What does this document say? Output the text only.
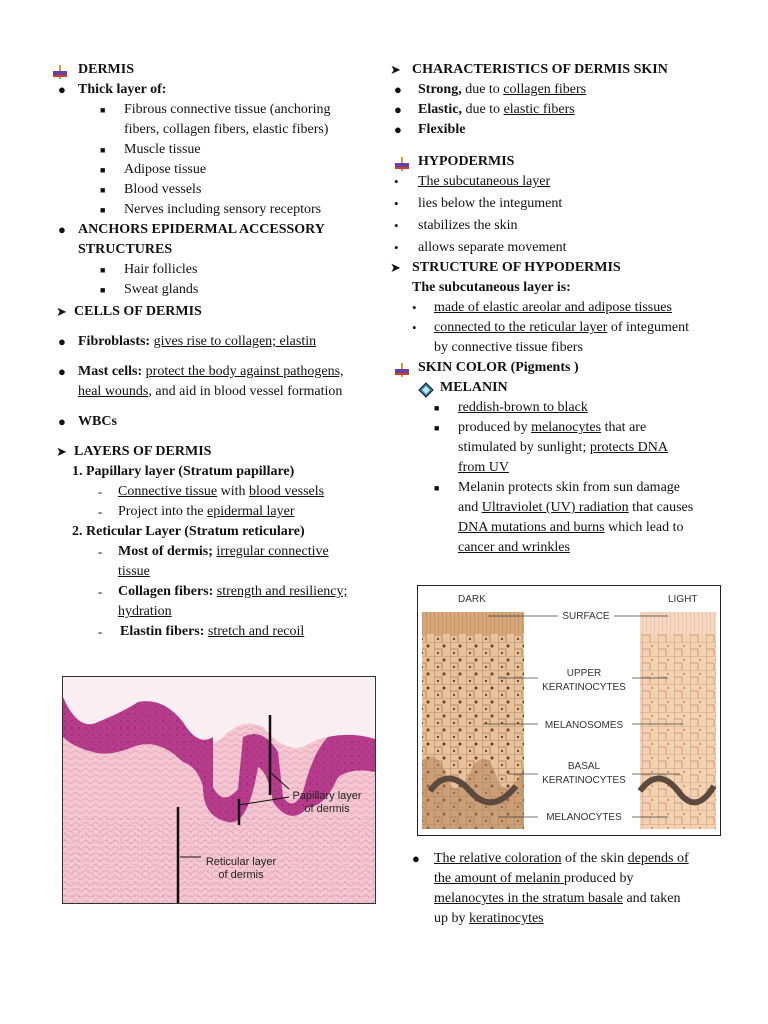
DERMIS
● Thick layer of:
■ Fibrous connective tissue (anchoring
fibers, collagen fibers, elastic fibers)
■ Muscle tissue
■ Adipose tissue
■ Blood vessels
■ Nerves including sensory receptors
● ANCHORS EPIDERMAL ACCESSORY
STRUCTURES
■ Hair follicles
■ Sweat glands
➤ CELLS OF DERMIS
● Fibroblasts: gives rise to collagen; elastin
● Mast cells: protect the body against pathogens,
heal wounds, and aid in blood vessel formation
● WBCs
➤ LAYERS OF DERMIS
1. Papillary layer (Stratum papillare)
- Connective tissue with blood vessels
- Project into the epidermal layer
2. Reticular Layer (Stratum reticulare)
- Most of dermis; irregular connective
tissue
- Collagen fibers: strength and resiliency;
hydration
- Elastin fibers: stretch and recoil
Papillary layer
of dermis
Reticular layer
of dermis
➤ CHARACTERISTICS OF DERMIS SKIN
● Strong, due to collagen fibers
● Elastic, due to elastic fibers
● Flexible
HYPODERMIS
• The subcutaneous layer
• lies below the integument
• stabilizes the skin
• allows separate movement
➤ STRUCTURE OF HYPODERMIS
The subcutaneous layer is:
• made of elastic areolar and adipose tissues
• connected to the reticular layer of integument
by connective tissue fibers
SKIN COLOR (Pigments )
MELANIN
■ reddish-brown to black
■ produced by melanocytes that are
stimulated by sunlight; protects DNA
from UV
■ Melanin protects skin from sun damage
and Ultraviolet (UV) radiation that causes
DNA mutations and burns which lead to
cancer and wrinkles
DARK	LIGHT
SURFACE
UPPER
KERATINOCYTES
MELANOSOMES
BASAL
KERATINOCYTES
MELANOCYTES
● The relative coloration of the skin depends of
the amount of melanin produced by
melanocytes in the stratum basale and taken
up by keratinocytes
